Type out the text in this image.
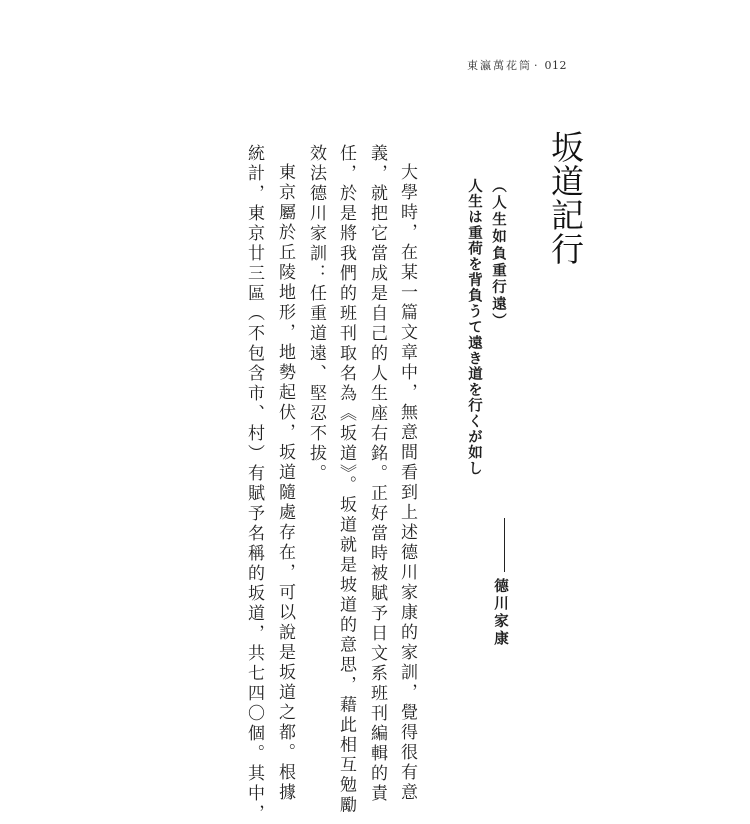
東瀛萬花筒 · 012
坂道記行
人生は重荷を背負うて遠き道を行くが如し （人生如負重行遠）
德川家康
大學時，在某一篇文章中，無意間看到上述德川家康的家訓，覺得很有意
義，就把它當成是自己的人生座右銘。正好當時被賦予日文系班刊編輯的責
任，於是將我們的班刊取名為《坂道》。坂道就是坡道的意思，藉此相互勉勵
效法德川家訓：任重道遠、堅忍不拔。
東京屬於丘陵地形，地勢起伏，坂道隨處存在，可以說是坂道之都。根據
統計，東京廿三區（不包含市、村）有賦予名稱的坂道，共七四〇個。其中，
